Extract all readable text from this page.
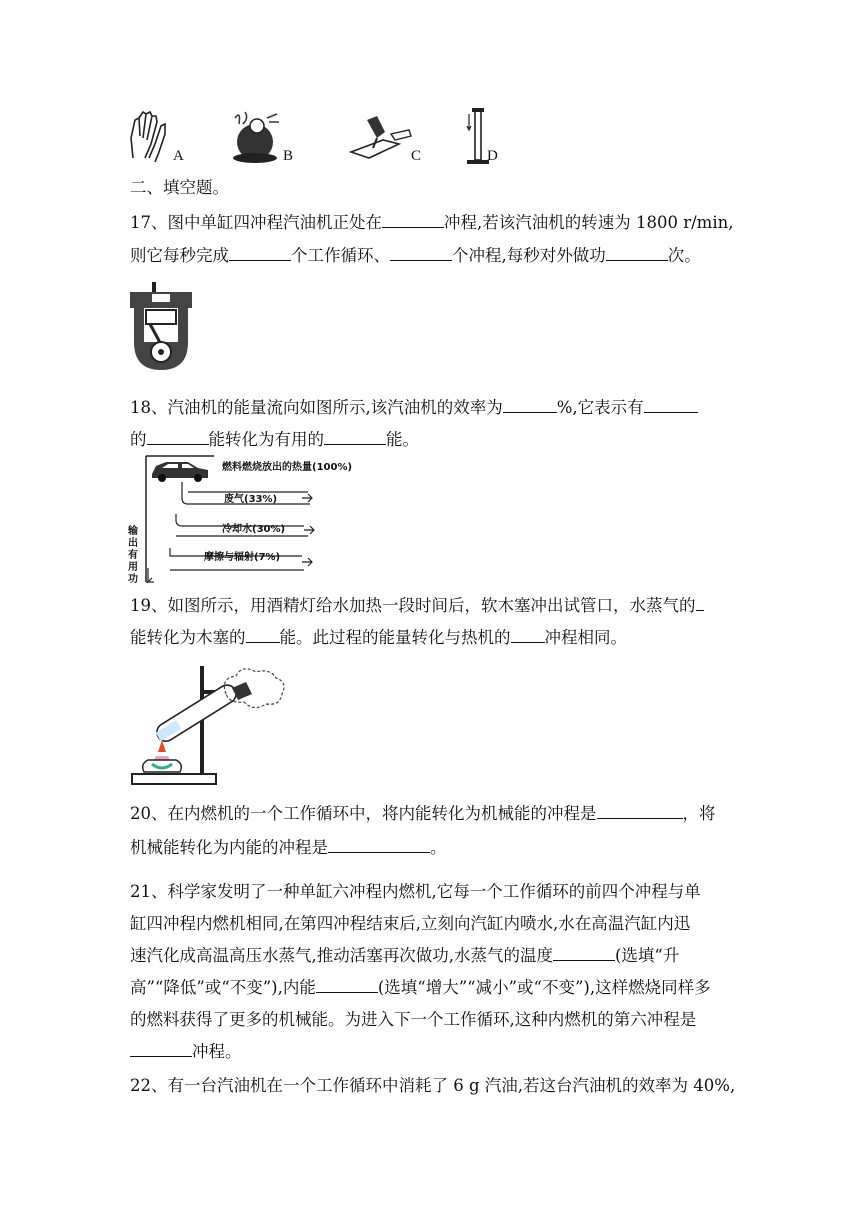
A	B	C	D
二、填空题。
17、图中单缸四冲程汽油机正处在	冲程,若该汽油机的转速为 1800 r/min,
则它每秒完成	个工作循环、	个冲程,每秒对外做功	次。
18、汽油机的能量流向如图所示,该汽油机的效率为	%,它表示有
的	能转化为有用的	能。
燃料燃烧放出的热量(100%)
废气(33%)
冷却水(30%)
摩擦与辐射(7%)
输出有用功
19、如图所示，用酒精灯给水加热一段时间后，软木塞冲出试管口，水蒸气的
能转化为木塞的 能。此过程的能量转化与热机的 冲程相同。
20、在内燃机的一个工作循环中，将内能转化为机械能的冲程是	，将
机械能转化为内能的冲程是	。
21、科学家发明了一种单缸六冲程内燃机,它每一个工作循环的前四个冲程与单
缸四冲程内燃机相同,在第四冲程结束后,立刻向汽缸内喷水,水在高温汽缸内迅
速汽化成高温高压水蒸气,推动活塞再次做功,水蒸气的温度	(选填“升
高”“降低”或“不变”),内能	(选填“增大”“减小”或“不变”),这样燃烧同样多
的燃料获得了更多的机械能。为进入下一个工作循环,这种内燃机的第六冲程是
冲程。
22、有一台汽油机在一个工作循环中消耗了 6 g 汽油,若这台汽油机的效率为 40%,
